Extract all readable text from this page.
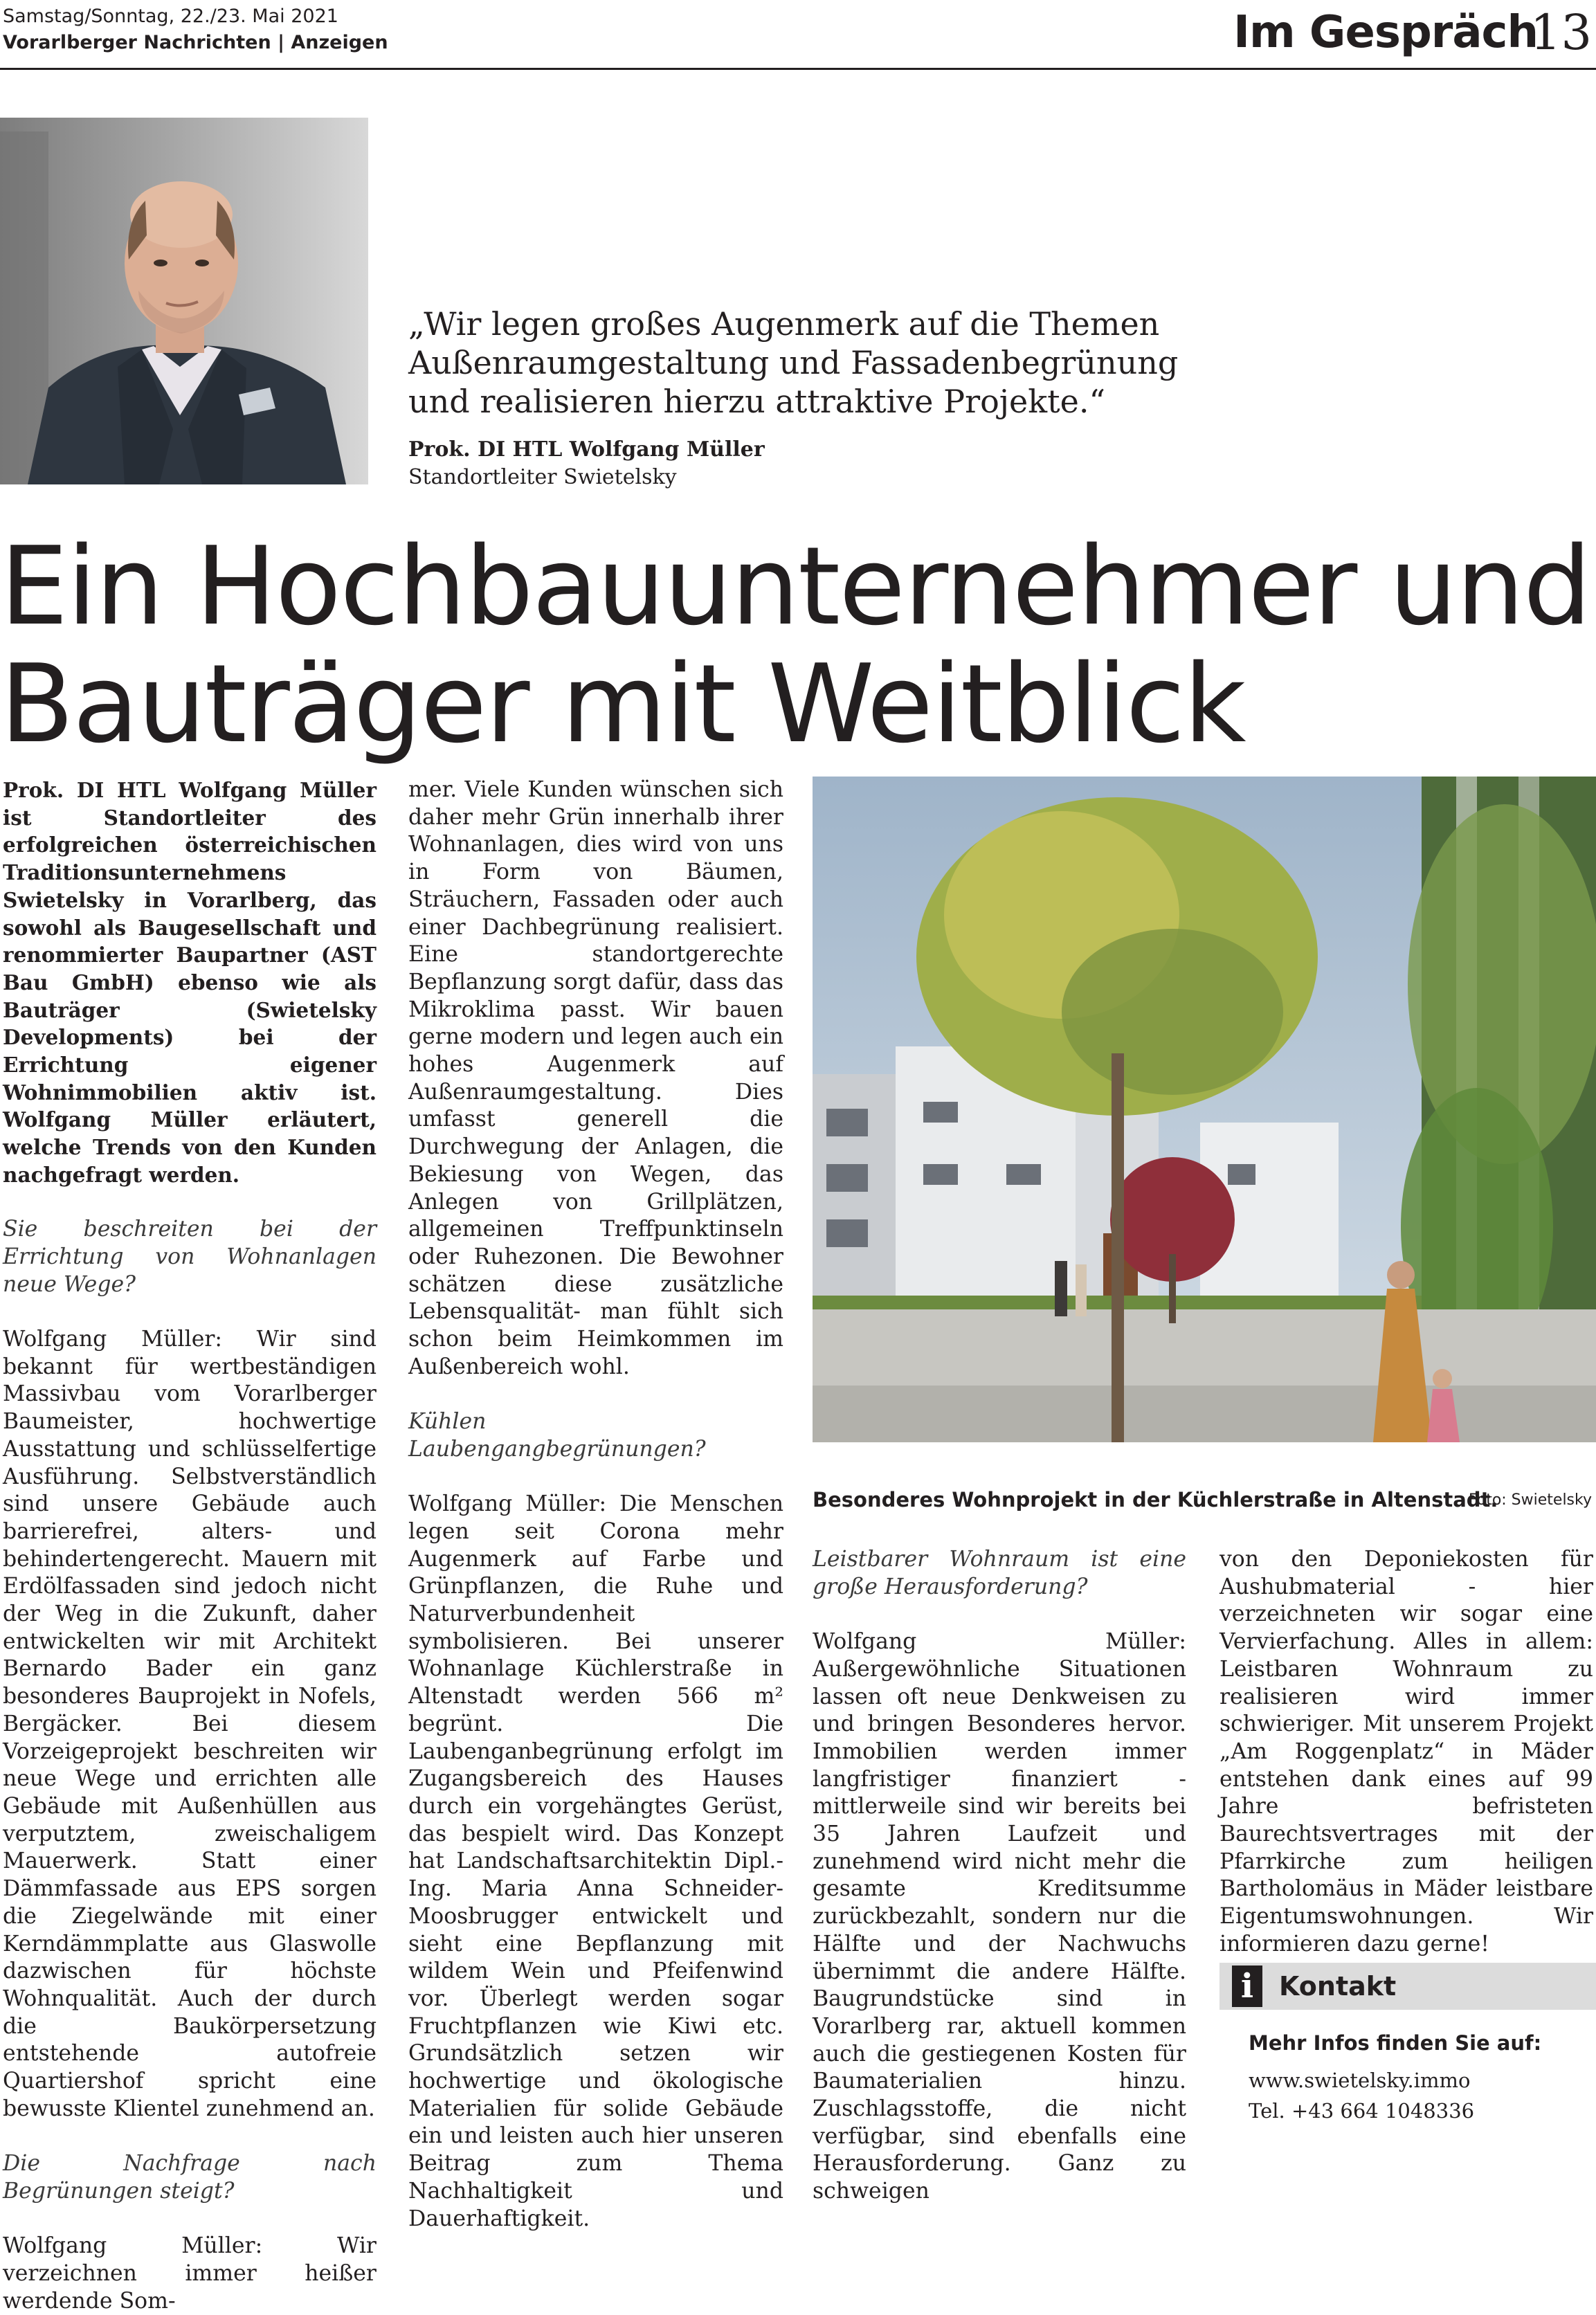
Samstag/Sonntag, 22./23. Mai 2021
Vorarlberger Nachrichten | Anzeigen	Im Gespräch
13
„Wir legen großes Augenmerk auf die Themen
Außenraumgestaltung und Fassadenbegrünung
und realisieren hierzu attraktive Projekte.“
Prok. DI HTL Wolfgang Müller
Standortleiter Swietelsky
Ein Hochbauunternehmer und
Bauträger mit Weitblick

Prok. DI HTL Wolfgang Müller ist Standortleiter des erfolgreichen österreichischen Traditionsunternehmens Swietelsky in Vorarlberg, das sowohl als Baugesellschaft und renommierter Baupartner (AST Bau GmbH) ebenso wie als Bauträger (Swietelsky Developments) bei der Errichtung eigener Wohnimmobilien aktiv ist. Wolfgang Müller erläutert, welche Trends von den Kunden nachgefragt werden.

Sie beschreiten bei der Errichtung von Wohnanlagen neue Wege?

Wolfgang Müller: Wir sind bekannt für wertbeständigen Massivbau vom Vorarlberger Baumeister, hochwertige Ausstattung und schlüsselfertige Ausführung. Selbstverständlich sind unsere Gebäude auch barrierefrei, alters- und behindertengerecht. Mauern mit Erdölfassaden sind jedoch nicht der Weg in die Zukunft, daher entwickelten wir mit Architekt Bernardo Bader ein ganz besonderes Bauprojekt in Nofels, Bergäcker. Bei diesem Vorzeigeprojekt beschreiten wir neue Wege und errichten alle Gebäude mit Außenhüllen aus verputztem, zweischaligem Mauerwerk. Statt einer Dämmfassade aus EPS sorgen die Ziegelwände mit einer Kerndämmplatte aus Glaswolle dazwischen für höchste Wohnqualität. Auch der durch die Baukörpersetzung entstehende autofreie Quartiershof spricht eine bewusste Klientel zunehmend an.

Die Nachfrage nach Begrünungen steigt?

Wolfgang Müller: Wir verzeichnen immer heißer werdende Som-

mer. Viele Kunden wünschen sich daher mehr Grün innerhalb ihrer Wohnanlagen, dies wird von uns in Form von Bäumen, Sträuchern, Fassaden oder auch einer Dachbegrünung realisiert. Eine standortgerechte Bepflanzung sorgt dafür, dass das Mikroklima passt. Wir bauen gerne modern und legen auch ein hohes Augenmerk auf Außenraumgestaltung. Dies umfasst generell die Durchwegung der Anlagen, die Bekiesung von Wegen, das Anlegen von Grillplätzen, allgemeinen Treffpunktinseln oder Ruhezonen. Die Bewohner schätzen diese zusätzliche Lebensqualität- man fühlt sich schon beim Heimkommen im Außenbereich wohl.

Kühlen Laubengangbegrünungen?

Wolfgang Müller: Die Menschen legen seit Corona mehr Augenmerk auf Farbe und Grünpflanzen, die Ruhe und Naturverbundenheit symbolisieren. Bei unserer Wohnanlage Küchlerstraße in Altenstadt werden 566 m² begrünt. Die Laubenganbegrünung erfolgt im Zugangsbereich des Hauses durch ein vorgehängtes Gerüst, das bespielt wird. Das Konzept hat Landschaftsarchitektin Dipl.-Ing. Maria Anna Schneider-Moosbrugger entwickelt und sieht eine Bepflanzung mit wildem Wein und Pfeifenwind vor. Überlegt werden sogar Fruchtpflanzen wie Kiwi etc. Grundsätzlich setzen wir hochwertige und ökologische Materialien für solide Gebäude ein und leisten auch hier unseren Beitrag zum Thema Nachhaltigkeit und Dauerhaftigkeit.

Besonderes Wohnprojekt in der Küchlerstraße in Altenstadt.
Foto: Swietelsky

Leistbarer Wohnraum ist eine große Herausforderung?

Wolfgang Müller: Außergewöhnliche Situationen lassen oft neue Denkweisen zu und bringen Besonderes hervor. Immobilien werden immer langfristiger finanziert - mittlerweile sind wir bereits bei 35 Jahren Laufzeit und zunehmend wird nicht mehr die gesamte Kreditsumme zurückbezahlt, sondern nur die Hälfte und der Nachwuchs übernimmt die andere Hälfte. Baugrundstücke sind in Vorarlberg rar, aktuell kommen auch die gestiegenen Kosten für Baumaterialien hinzu. Zuschlagsstoffe, die nicht verfügbar, sind ebenfalls eine Herausforderung. Ganz zu schweigen

von den Deponiekosten für Aushubmaterial - hier verzeichneten wir sogar eine Vervierfachung. Alles in allem: Leistbaren Wohnraum zu realisieren wird immer schwieriger. Mit unserem Projekt „Am Roggenplatz“ in Mäder entstehen dank eines auf 99 Jahre befristeten Baurechtsvertrages mit der Pfarrkirche zum heiligen Bartholomäus in Mäder leistbare Eigentumswohnungen. Wir informieren dazu gerne!

i Kontakt
Mehr Infos finden Sie auf:
www.swietelsky.immo
Tel. +43 664 1048336
